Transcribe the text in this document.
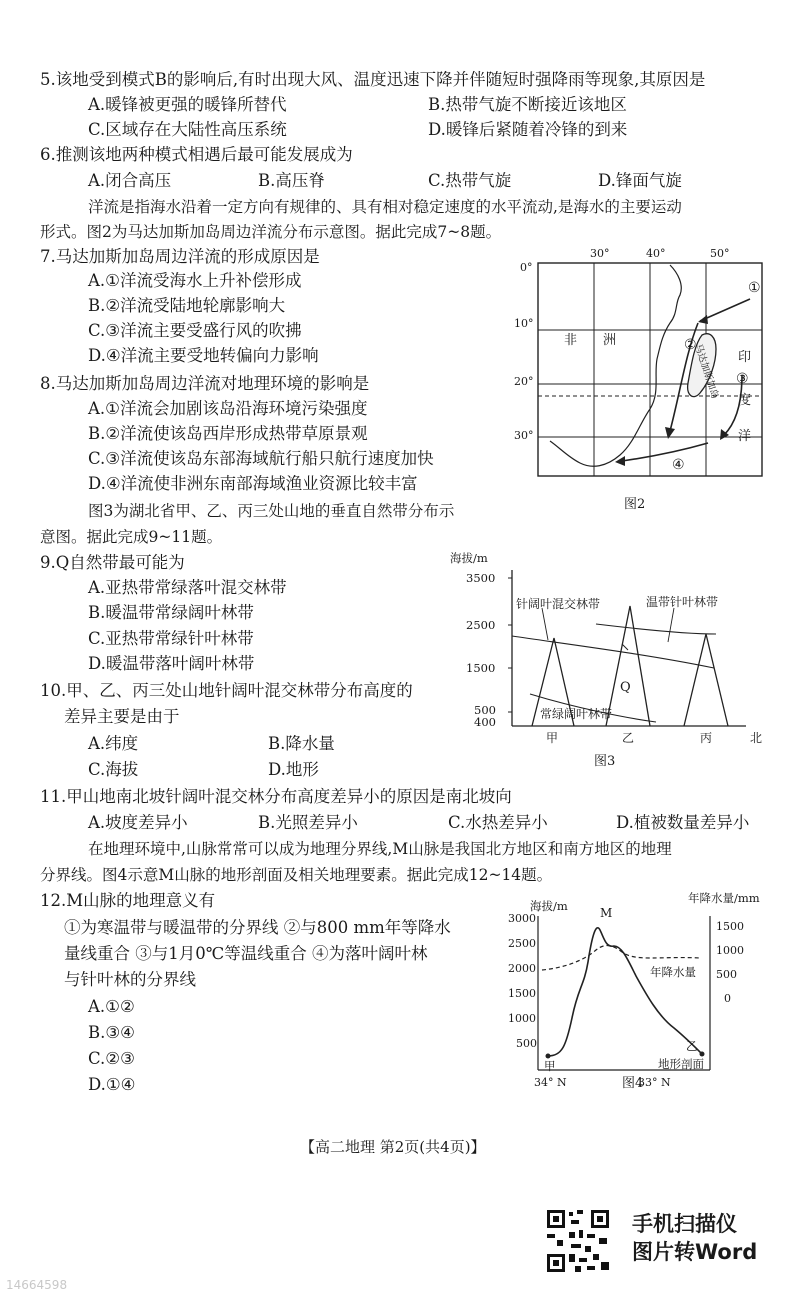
5.该地受到模式B的影响后,有时出现大风、温度迅速下降并伴随短时强降雨等现象,其原因是
A.暖锋被更强的暖锋所替代	B.热带气旋不断接近该地区
C.区域存在大陆性高压系统	D.暖锋后紧随着冷锋的到来
6.推测该地两种模式相遇后最可能发展成为
A.闭合高压	B.高压脊	C.热带气旋	D.锋面气旋
洋流是指海水沿着一定方向有规律的、具有相对稳定速度的水平流动,是海水的主要运动
形式。图2为马达加斯加岛周边洋流分布示意图。据此完成7~8题。
7.马达加斯加岛周边洋流的形成原因是
A.①洋流受海水上升补偿形成
B.②洋流受陆地轮廓影响大
C.③洋流主要受盛行风的吹拂
D.④洋流主要受地转偏向力影响
8.马达加斯加岛周边洋流对地理环境的影响是
A.①洋流会加剧该岛沿海环境污染强度
B.②洋流使该岛西岸形成热带草原景观
C.③洋流使该岛东部海域航行船只航行速度加快
D.④洋流使非洲东南部海域渔业资源比较丰富
图3为湖北省甲、乙、丙三处山地的垂直自然带分布示
意图。据此完成9~11题。
9.Q自然带最可能为
A.亚热带常绿落叶混交林带
B.暖温带常绿阔叶林带
C.亚热带常绿针叶林带
D.暖温带落叶阔叶林带
10.甲、乙、丙三处山地针阔叶混交林带分布高度的
差异主要是由于
A.纬度	B.降水量
C.海拔	D.地形
11.甲山地南北坡针阔叶混交林分布高度差异小的原因是南北坡向
A.坡度差异小	B.光照差异小	C.水热差异小	D.植被数量差异小
在地理环境中,山脉常常可以成为地理分界线,M山脉是我国北方地区和南方地区的地理
分界线。图4示意M山脉的地形剖面及相关地理要素。据此完成12~14题。
12.M山脉的地理意义有
①为寒温带与暖温带的分界线 ②与800 mm年等降水
量线重合 ③与1月0℃等温线重合 ④为落叶阔叶林
与针叶林的分界线
A.①②
B.③④
C.②③
D.①④
马达加斯加岛
30°	40°	50°
0°
10°
20°
30°
非 洲
印
度
洋
①
②
③
④
图2
海拔/m
3500
2500
1500
500
400
针阔叶混交林带	温带针叶林带
常绿阔叶林带
Q
甲	乙	丙	北
图3
海拔/m
年降水量/mm
3000
2500
2000
1500
1000
500
1500
1000
500
0
M
年降水量
地形剖面
甲
乙
34° N	33° N
图4
【高二地理 第2页(共4页)】
手机扫描仪
图片转Word
14664598
